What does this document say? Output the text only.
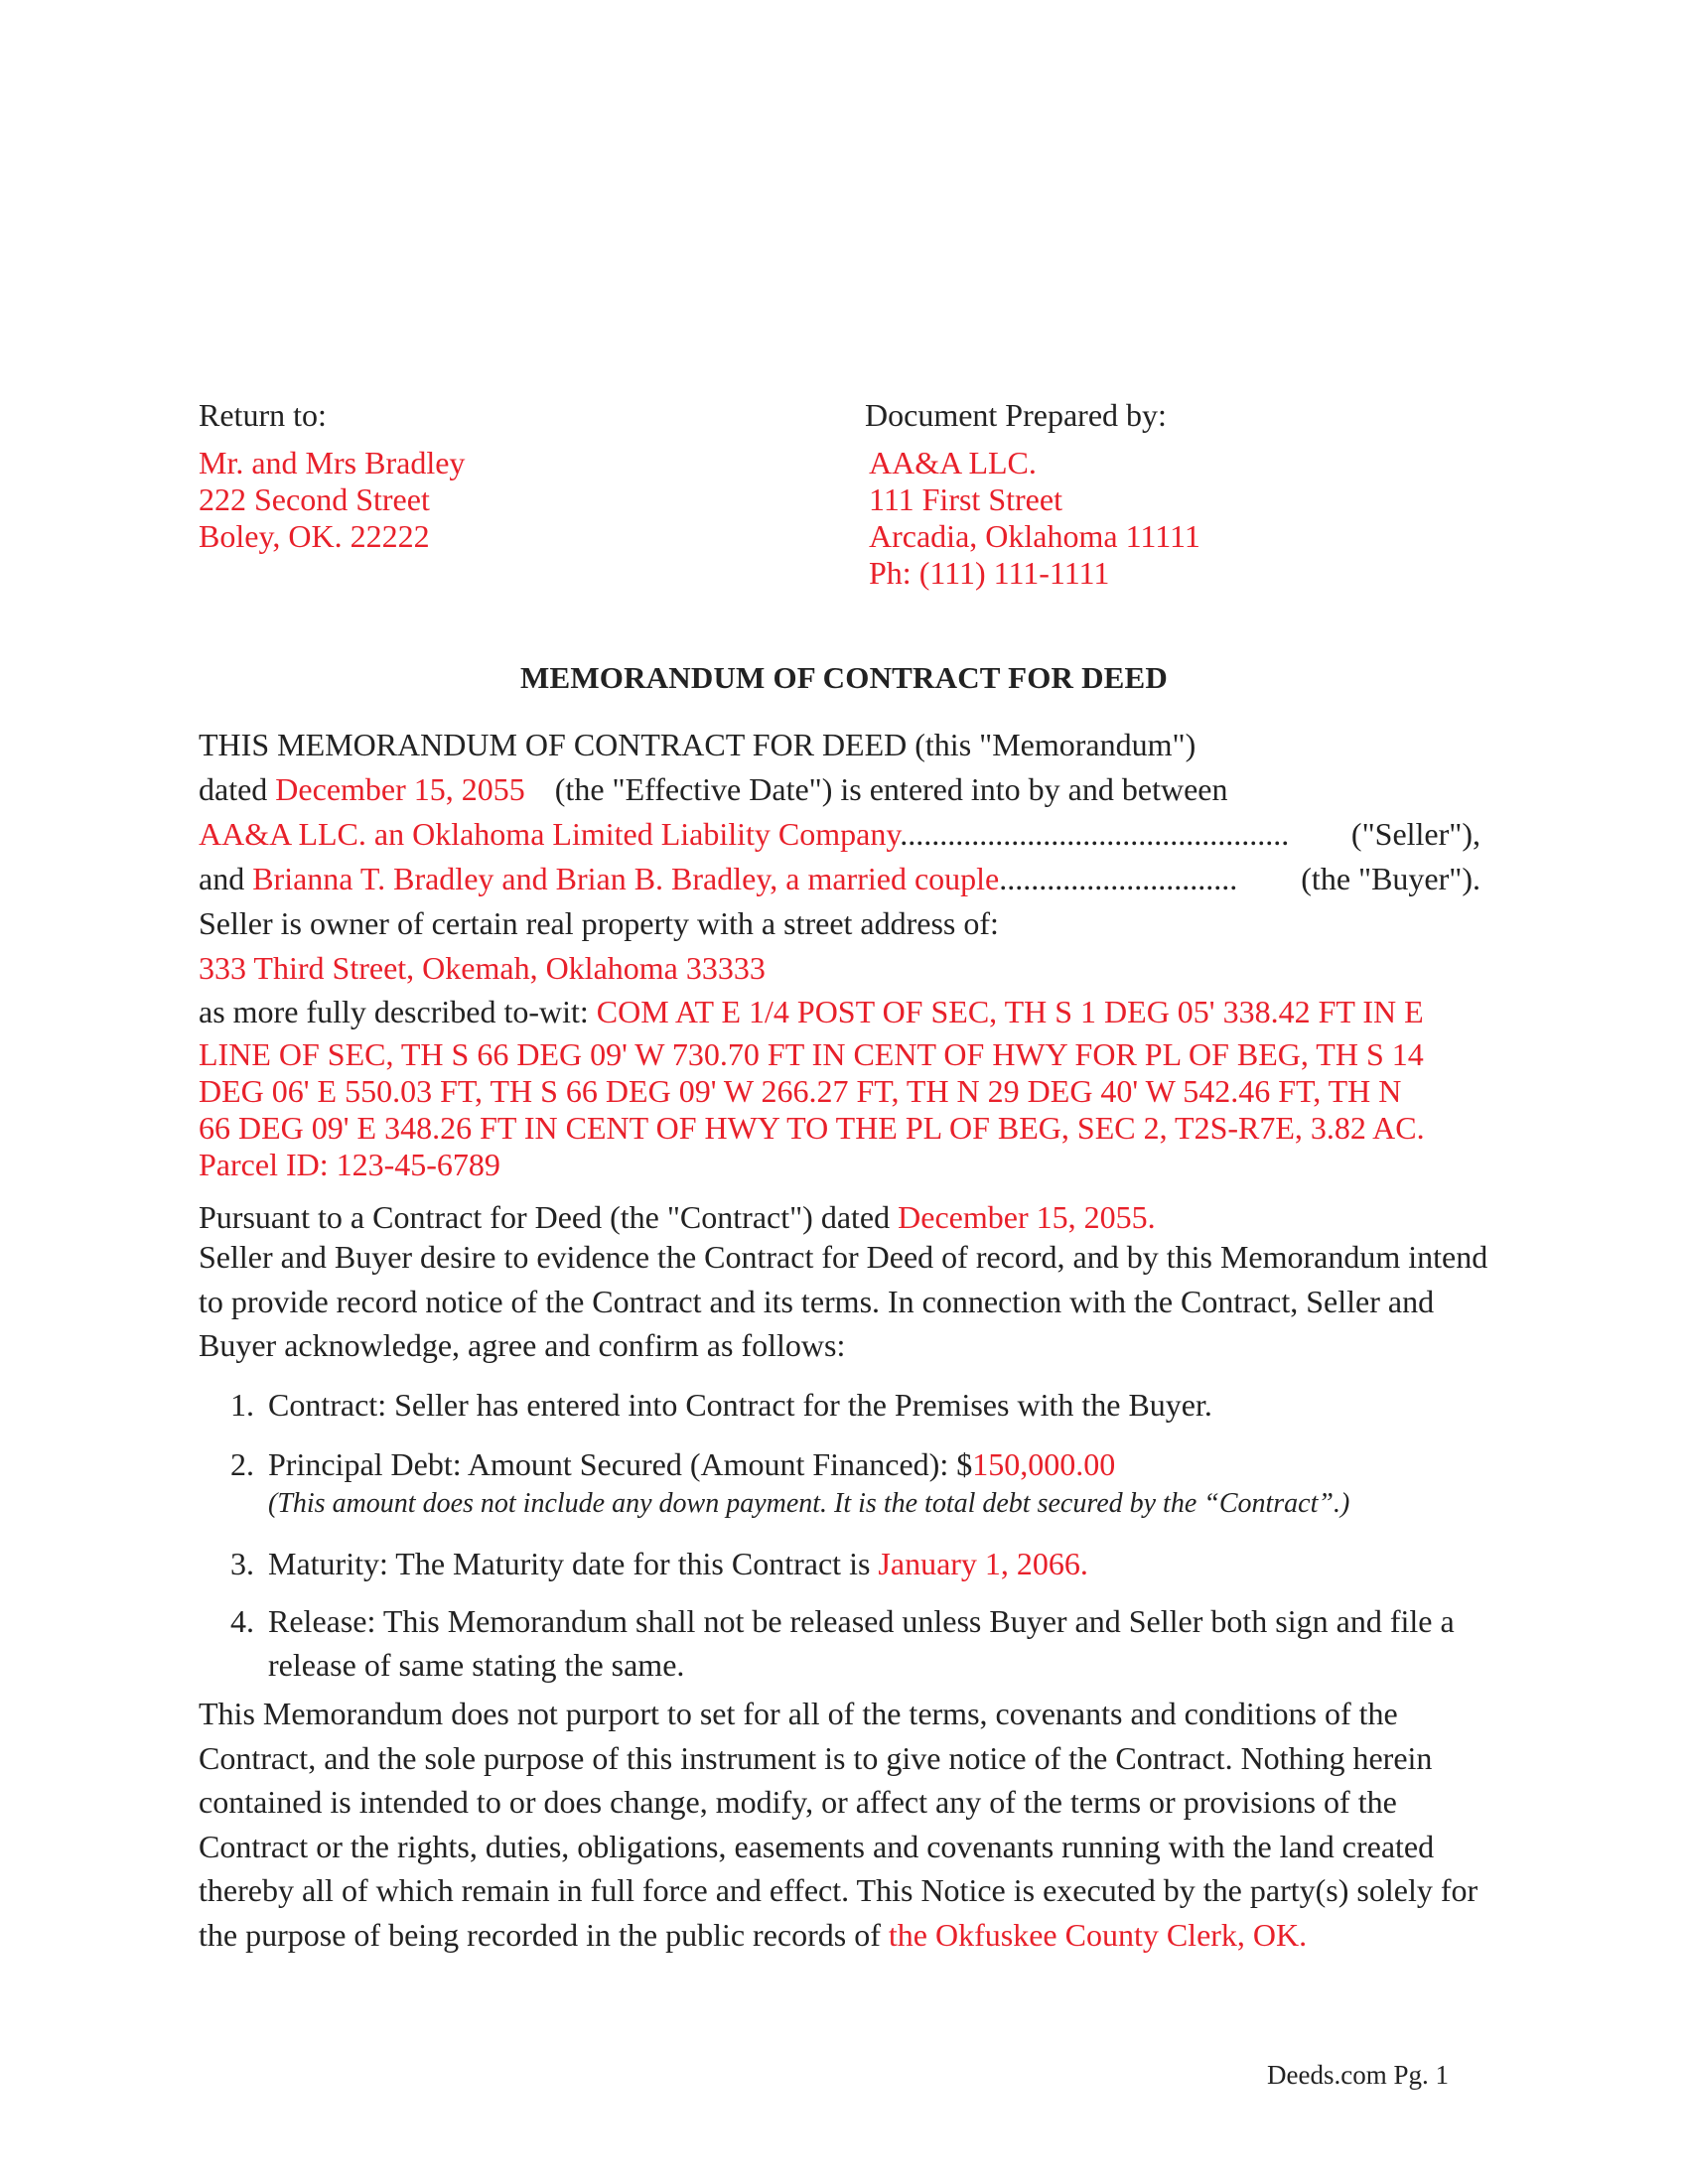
Return to:
Mr. and Mrs Bradley
222 Second Street
Boley, OK. 22222
Document Prepared by:
AA&A LLC.
111 First Street
Arcadia, Oklahoma 11111
Ph: (111) 111-1111
MEMORANDUM OF CONTRACT FOR DEED
THIS MEMORANDUM OF CONTRACT FOR DEED (this "Memorandum")
dated December 15, 2055 (the "Effective Date") is entered into by and between
AA&A LLC. an Oklahoma Limited Liability Company................................................. ("Seller"),
and Brianna T. Bradley and Brian B. Bradley, a married couple.............................. (the "Buyer").
Seller is owner of certain real property with a street address of:
333 Third Street, Okemah, Oklahoma 33333
as more fully described to-wit: COM AT E 1/4 POST OF SEC, TH S 1 DEG 05' 338.42 FT IN E
LINE OF SEC, TH S 66 DEG 09' W 730.70 FT IN CENT OF HWY FOR PL OF BEG, TH S 14
DEG 06' E 550.03 FT, TH S 66 DEG 09' W 266.27 FT, TH N 29 DEG 40' W 542.46 FT, TH N
66 DEG 09' E 348.26 FT IN CENT OF HWY TO THE PL OF BEG, SEC 2, T2S-R7E, 3.82 AC.
Parcel ID: 123-45-6789
Pursuant to a Contract for Deed (the "Contract") dated December 15, 2055.
Seller and Buyer desire to evidence the Contract for Deed of record, and by this Memorandum intend to provide record notice of the Contract and its terms. In connection with the Contract, Seller and Buyer acknowledge, agree and confirm as follows:
1. Contract: Seller has entered into Contract for the Premises with the Buyer.
2. Principal Debt: Amount Secured (Amount Financed): $150,000.00
(This amount does not include any down payment. It is the total debt secured by the “Contract”.)
3. Maturity: The Maturity date for this Contract is January 1, 2066.
4. Release: This Memorandum shall not be released unless Buyer and Seller both sign and file a release of same stating the same.
This Memorandum does not purport to set for all of the terms, covenants and conditions of the Contract, and the sole purpose of this instrument is to give notice of the Contract. Nothing herein contained is intended to or does change, modify, or affect any of the terms or provisions of the Contract or the rights, duties, obligations, easements and covenants running with the land created thereby all of which remain in full force and effect. This Notice is executed by the party(s) solely for the purpose of being recorded in the public records of the Okfuskee County Clerk, OK.
Deeds.com Pg. 1
